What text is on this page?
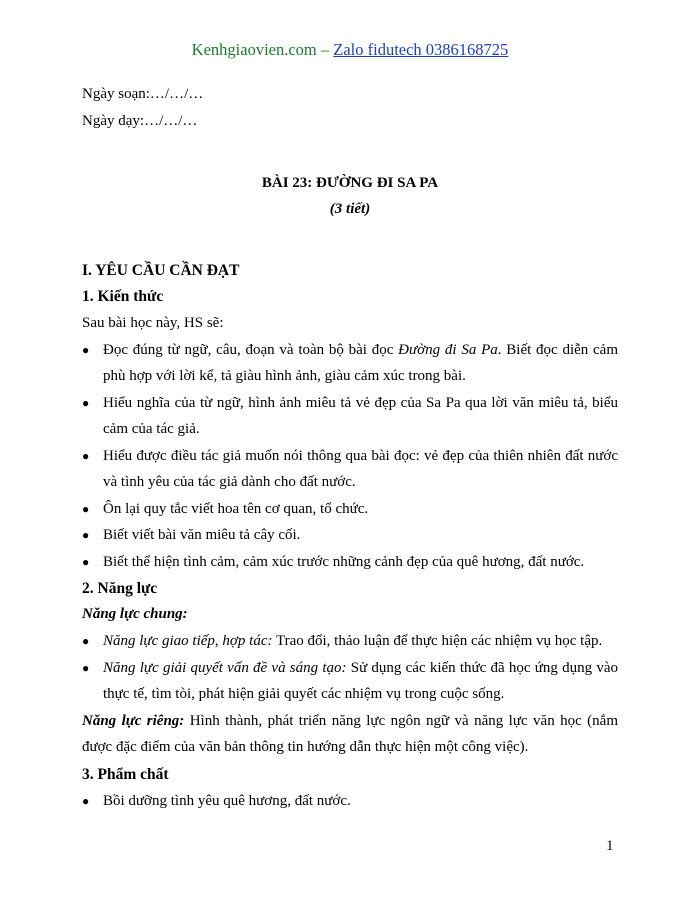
Kenhgiaovien.com – Zalo fidutech 0386168725
Ngày soạn:…/…/…
Ngày dạy:…/…/…
BÀI 23: ĐƯỜNG ĐI SA PA
(3 tiết)
I. YÊU CẦU CẦN ĐẠT
1. Kiến thức
Sau bài học này, HS sẽ:
● Đọc đúng từ ngữ, câu, đoạn và toàn bộ bài đọc Đường đi Sa Pa. Biết đọc diễn cảm phù hợp với lời kể, tả giàu hình ảnh, giàu cảm xúc trong bài.
● Hiểu nghĩa của từ ngữ, hình ảnh miêu tả vẻ đẹp của Sa Pa qua lời văn miêu tả, biểu cảm của tác giả.
● Hiểu được điều tác giả muốn nói thông qua bài đọc: vẻ đẹp của thiên nhiên đất nước và tình yêu của tác giả dành cho đất nước.
● Ôn lại quy tắc viết hoa tên cơ quan, tổ chức.
● Biết viết bài văn miêu tả cây cối.
● Biết thể hiện tình cảm, cảm xúc trước những cảnh đẹp của quê hương, đất nước.
2. Năng lực
Năng lực chung:
● Năng lực giao tiếp, hợp tác: Trao đổi, thảo luận để thực hiện các nhiệm vụ học tập.
● Năng lực giải quyết vấn đề và sáng tạo: Sử dụng các kiến thức đã học ứng dụng vào thực tế, tìm tòi, phát hiện giải quyết các nhiệm vụ trong cuộc sống.
Năng lực riêng: Hình thành, phát triển năng lực ngôn ngữ và năng lực văn học (nắm được đặc điểm của văn bản thông tin hướng dẫn thực hiện một công việc).
3. Phẩm chất
● Bồi dưỡng tình yêu quê hương, đất nước.
1
